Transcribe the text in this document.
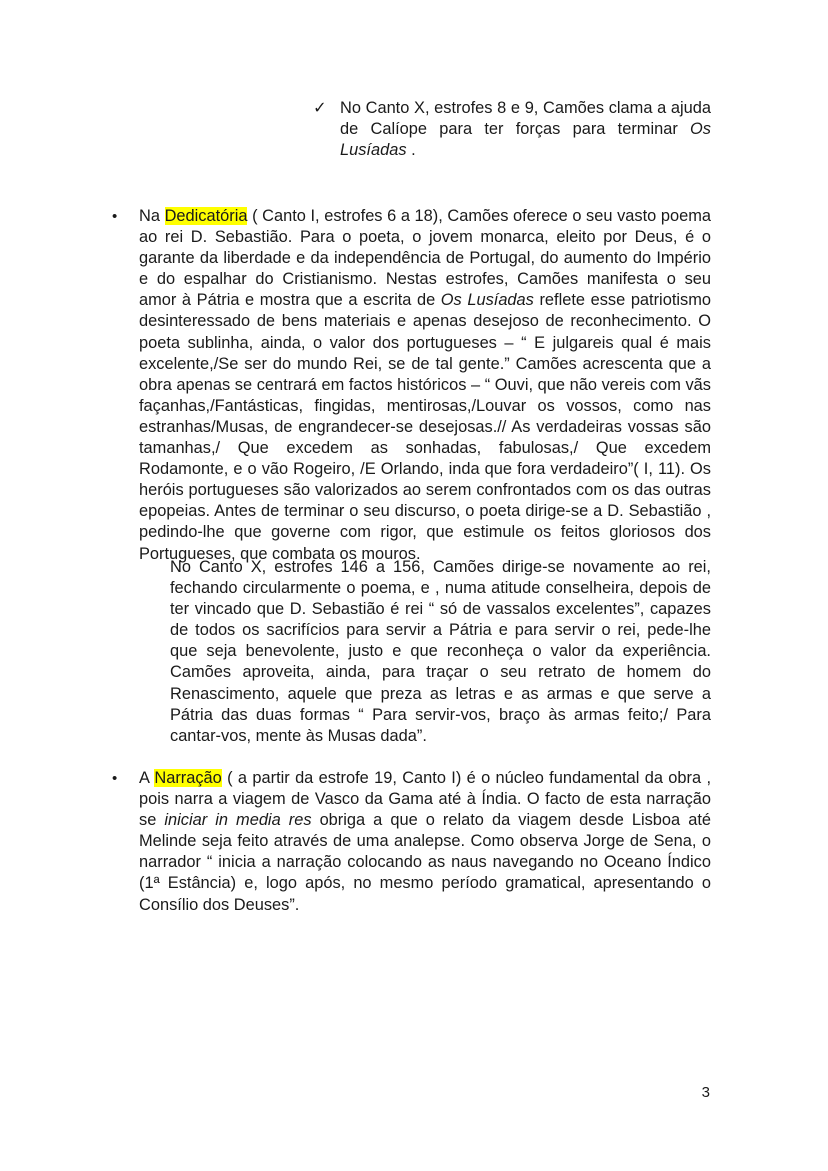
✓ No Canto X, estrofes 8 e 9, Camões clama a ajuda de Calíope para ter forças para terminar Os Lusíadas .
•	Na Dedicatória ( Canto I, estrofes 6 a 18), Camões oferece o seu vasto poema ao rei D. Sebastião. Para o poeta, o jovem monarca, eleito por Deus, é o garante da liberdade e da independência de Portugal, do aumento do Império e do espalhar do Cristianismo. Nestas estrofes, Camões manifesta o seu amor à Pátria e mostra que a escrita de Os Lusíadas reflete esse patriotismo desinteressado de bens materiais e apenas desejoso de reconhecimento. O poeta sublinha, ainda, o valor dos portugueses – “ E julgareis qual é mais excelente,/Se ser do mundo Rei, se de tal gente.” Camões acrescenta que a obra apenas se centrará em factos históricos – “ Ouvi, que não vereis com vãs façanhas,/Fantásticas, fingidas, mentirosas,/Louvar os vossos, como nas estranhas/Musas, de engrandecer-se desejosas.// As verdadeiras vossas são tamanhas,/ Que excedem as sonhadas, fabulosas,/ Que excedem Rodamonte, e o vão Rogeiro, /E Orlando, inda que fora verdadeiro”( I, 11). Os heróis portugueses são valorizados ao serem confrontados com os das outras epopeias. Antes de terminar o seu discurso, o poeta dirige-se a D. Sebastião , pedindo-lhe que governe com rigor, que estimule os feitos gloriosos dos Portugueses, que combata os mouros.
No Canto X, estrofes 146 a 156, Camões dirige-se novamente ao rei, fechando circularmente o poema, e , numa atitude conselheira, depois de ter vincado que D. Sebastião é rei “ só de vassalos excelentes”, capazes de todos os sacrifícios para servir a Pátria e para servir o rei, pede-lhe que seja benevolente, justo e que reconheça o valor da experiência. Camões aproveita, ainda, para traçar o seu retrato de homem do Renascimento, aquele que preza as letras e as armas e que serve a Pátria das duas formas “ Para servir-vos, braço às armas feito;/ Para cantar-vos, mente às Musas dada”.
•	A Narração ( a partir da estrofe 19, Canto I) é o núcleo fundamental da obra , pois narra a viagem de Vasco da Gama até à Índia. O facto de esta narração se iniciar in media res obriga a que o relato da viagem desde Lisboa até Melinde seja feito através de uma analepse. Como observa Jorge de Sena, o narrador “ inicia a narração colocando as naus navegando no Oceano Índico (1ª Estância) e, logo após, no mesmo período gramatical, apresentando o Consílio dos Deuses”.
3
